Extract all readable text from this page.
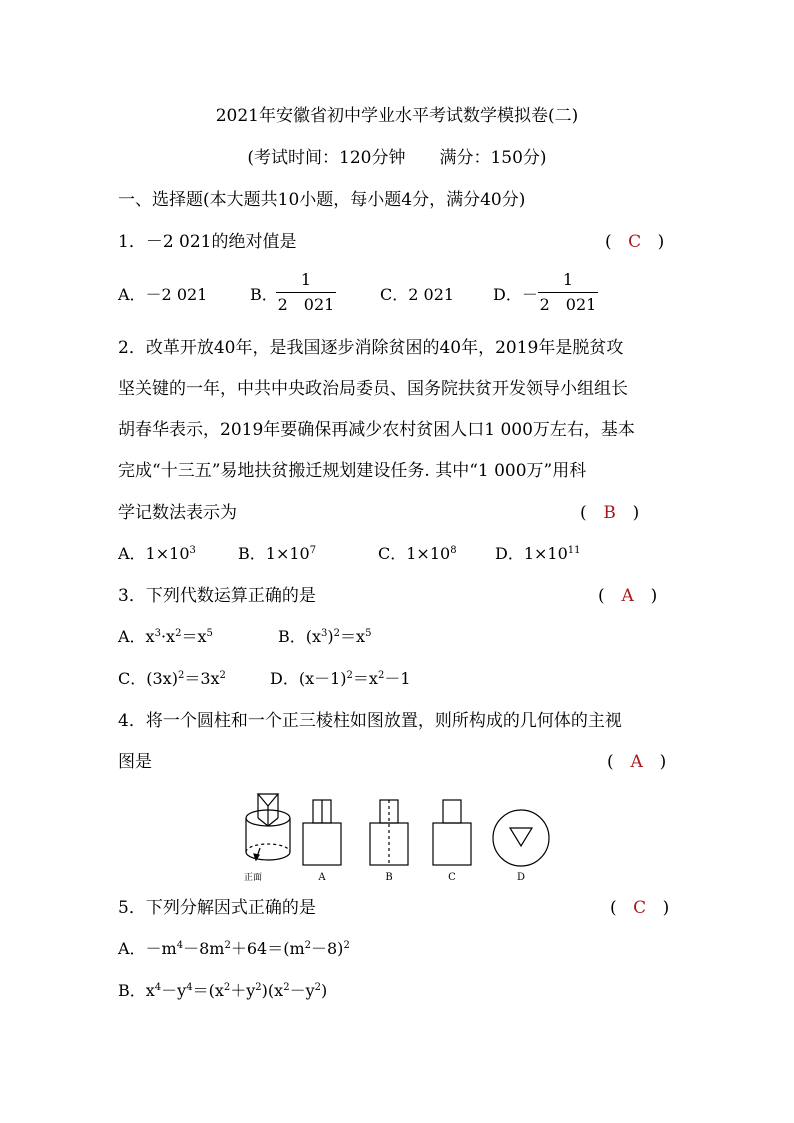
2021年安徽省初中学业水平考试数学模拟卷(二)
(考试时间：120分钟　　满分：150分)
一、选择题(本大题共10小题，每小题4分，满分40分)
1．－2 021的绝对值是	( C )
A．－2 021	B．
1
2　021
C．2 021 D．－
1
2　021
2．改革开放40年，是我国逐步消除贫困的40年，2019年是脱贫攻
坚关键的一年，中共中央政治局委员、国务院扶贫开发领导小组组长
胡春华表示，2019年要确保再减少农村贫困人口1 000万左右，基本
完成“十三五”易地扶贫搬迁规划建设任务. 其中“1 000万”用科
学记数法表示为	( B )
A．$1\times 10^3$	B．$1\times 10^7$	C．$1\times 10^8$ D．$1\times 10^{11}$
3．下列代数运算正确的是	( A )
A．$x^3\cdot x^2=x^5$	B．$(x^3)^2=x^5$
C．$(3x)^2=3x^2$	D．$(x-1)^2=x^2-1$
4．将一个圆柱和一个正三棱柱如图放置，则所构成的几何体的主视
图是	( A )
正面	A	B	C	D
5．下列分解因式正确的是	( C )
A．$-m^4-8m^2+64=(m^2-8)^2$
B．$x^4-y^4=(x^2+y^2)(x^2-y^2)$
